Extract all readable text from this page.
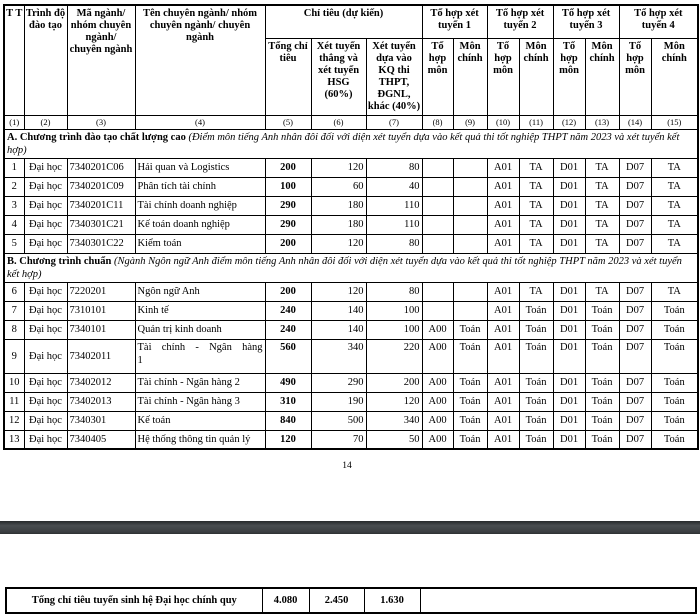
T T	Trình độ đào tạo	Mã ngành/ nhóm chuyên ngành/ chuyên ngành	Tên chuyên ngành/ nhóm chuyên ngành/ chuyên ngành	Chỉ tiêu (dự kiến)			Tổ hợp xét tuyển 1		Tổ hợp xét tuyển 2		Tổ hợp xét tuyển 3		Tổ hợp xét tuyển 4	
				Tổng chỉ tiêu	Xét tuyển thẳng và xét tuyển HSG (60%)	Xét tuyển dựa vào KQ thi THPT, ĐGNL, khác (40%)	Tổ hợp môn	Môn chính	Tổ hợp môn	Môn chính	Tổ hợp môn	Môn chính	Tổ hợp môn	Môn chính
(1)	(2)	(3)	(4)	(5)	(6)	(7)	(8)	(9)	(10)	(11)	(12)	(13)	(14)	(15)
A. Chương trình đào tạo chất lượng cao (Điểm môn tiếng Anh nhân đôi đối với diện xét tuyển dựa vào kết quả thi tốt nghiệp THPT năm 2023 và xét tuyển kết hợp)														
1	Đại học	7340201C06	Hải quan và Logistics	200	120	80			A01	TA	D01	TA	D07	TA
2	Đại học	7340201C09	Phân tích tài chính	100	60	40			A01	TA	D01	TA	D07	TA
3	Đại học	7340201C11	Tài chính doanh nghiệp	290	180	110			A01	TA	D01	TA	D07	TA
4	Đại học	7340301C21	Kế toán doanh nghiệp	290	180	110			A01	TA	D01	TA	D07	TA
5	Đại học	7340301C22	Kiểm toán	200	120	80			A01	TA	D01	TA	D07	TA
B. Chương trình chuẩn (Ngành Ngôn ngữ Anh điểm môn tiếng Anh nhân đôi đối với diện xét tuyển dựa vào kết quả thi tốt nghiệp THPT năm 2023 và xét tuyển kết hợp)														
6	Đại học	7220201	Ngôn ngữ Anh	200	120	80			A01	TA	D01	TA	D07	TA
7	Đại học	7310101	Kinh tế	240	140	100			A01	Toán	D01	Toán	D07	Toán
8	Đại học	7340101	Quản trị kinh doanh	240	140	100	A00	Toán	A01	Toán	D01	Toán	D07	Toán
9	Đại học	73402011	Tài chính - Ngân hàng 1	560	340	220	A00	Toán	A01	Toán	D01	Toán	D07	Toán
10	Đại học	73402012	Tài chính - Ngân hàng 2	490	290	200	A00	Toán	A01	Toán	D01	Toán	D07	Toán
11	Đại học	73402013	Tài chính - Ngân hàng 3	310	190	120	A00	Toán	A01	Toán	D01	Toán	D07	Toán
12	Đại học	7340301	Kế toán	840	500	340	A00	Toán	A01	Toán	D01	Toán	D07	Toán
13	Đại học	7340405	Hệ thống thông tin quản lý	120	70	50	A00	Toán	A01	Toán	D01	Toán	D07	Toán
14
Tổng chỉ tiêu tuyển sinh hệ Đại học chính quy	4.080	2.450	1.630	
